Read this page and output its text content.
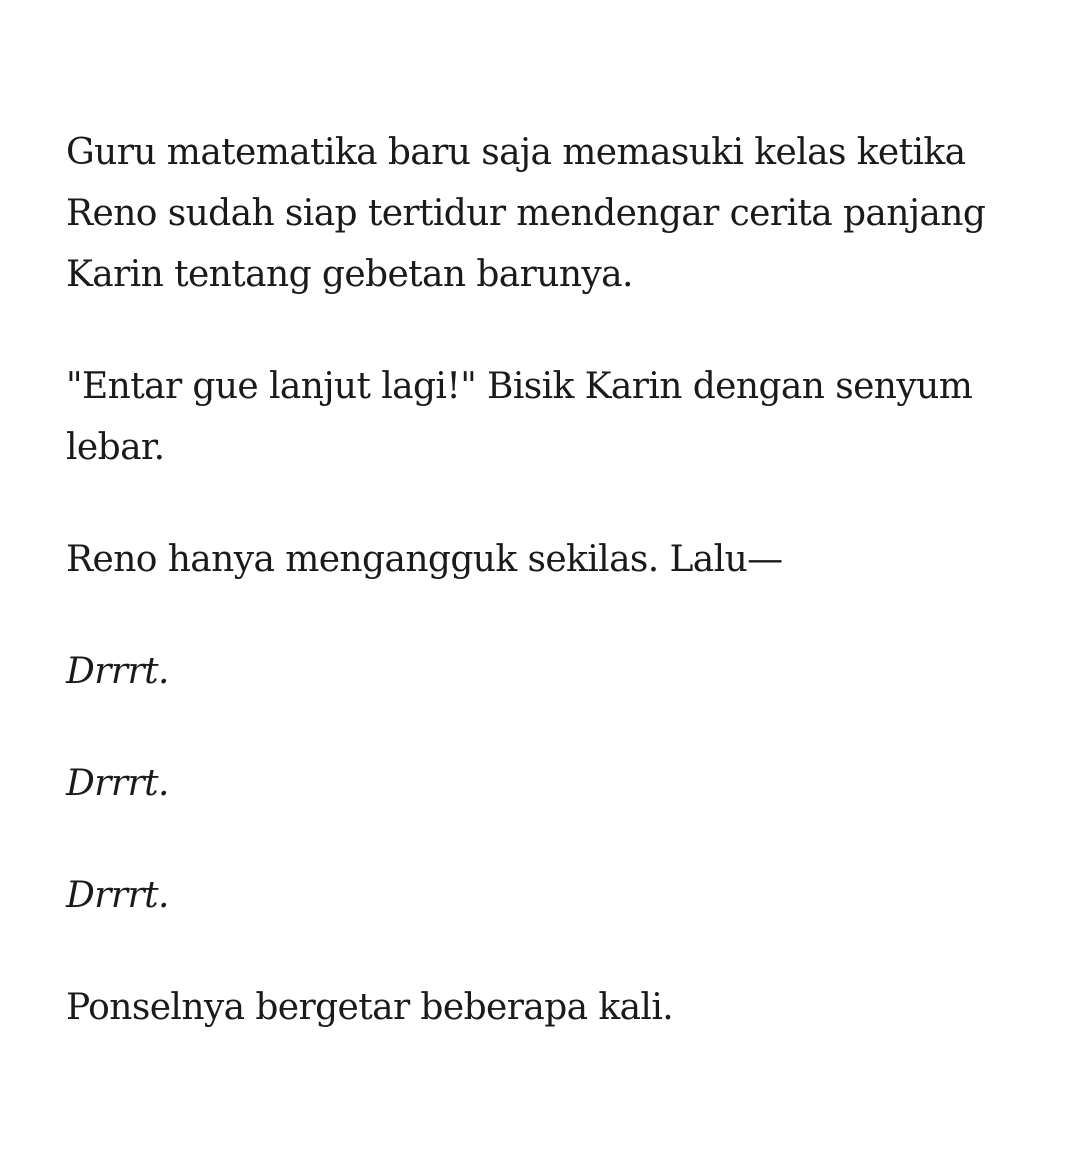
Guru matematika baru saja memasuki kelas ketika Reno sudah siap tertidur mendengar cerita panjang Karin tentang gebetan barunya.

"Entar gue lanjut lagi!" Bisik Karin dengan senyum lebar.

Reno hanya mengangguk sekilas. Lalu—

Drrrt.

Drrrt.

Drrrt.

Ponselnya bergetar beberapa kali.
